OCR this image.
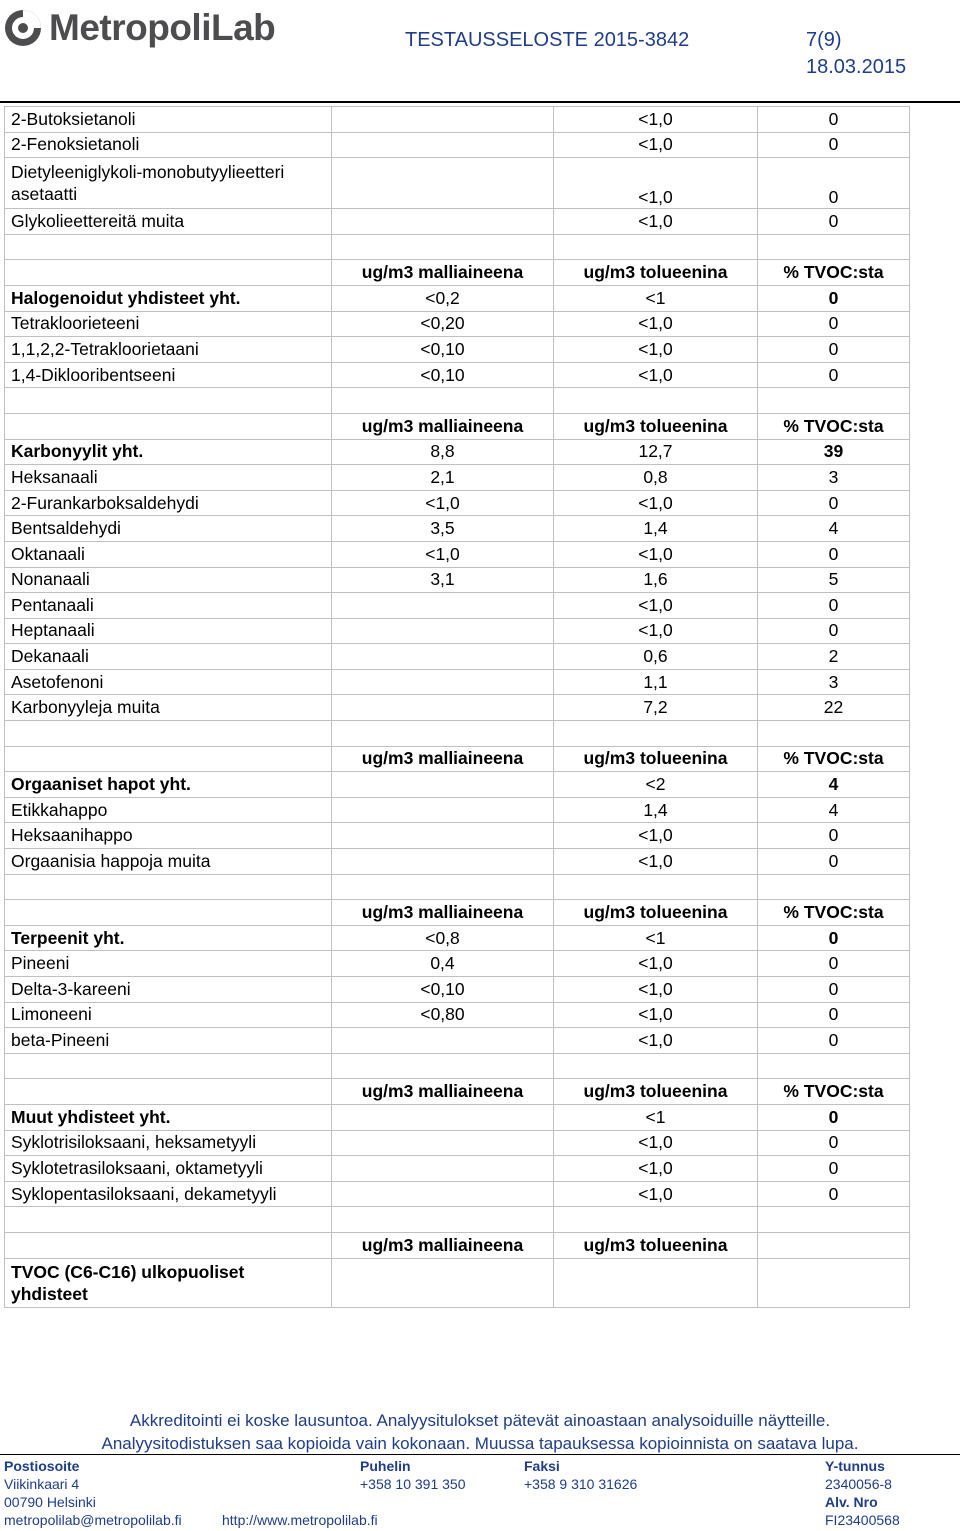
MetropoliLab	TESTAUSSELOSTE 2015-3842	7(9)
18.03.2015
2-Butoksietanoli		<1,0	0
2-Fenoksietanoli		<1,0	0
Dietyleeniglykoli-monobutyylieetteri asetaatti		<1,0	0
Glykolieettereitä muita		<1,0	0

	ug/m3 malliaineena	ug/m3 tolueenina	% TVOC:sta
Halogenoidut yhdisteet yht.	<0,2	<1	0
Tetrakloorieteeni	<0,20	<1,0	0
1,1,2,2-Tetrakloorietaani	<0,10	<1,0	0
1,4-Diklooribentseeni	<0,10	<1,0	0

	ug/m3 malliaineena	ug/m3 tolueenina	% TVOC:sta
Karbonyylit yht.	8,8	12,7	39
Heksanaali	2,1	0,8	3
2-Furankarboksaldehydi	<1,0	<1,0	0
Bentsaldehydi	3,5	1,4	4
Oktanaali	<1,0	<1,0	0
Nonanaali	3,1	1,6	5
Pentanaali		<1,0	0
Heptanaali		<1,0	0
Dekanaali		0,6	2
Asetofenoni		1,1	3
Karbonyyleja muita		7,2	22

	ug/m3 malliaineena	ug/m3 tolueenina	% TVOC:sta
Orgaaniset hapot yht.		<2	4
Etikkahappo		1,4	4
Heksaanihappo		<1,0	0
Orgaanisia happoja muita		<1,0	0

	ug/m3 malliaineena	ug/m3 tolueenina	% TVOC:sta
Terpeenit yht.	<0,8	<1	0
Pineeni	0,4	<1,0	0
Delta-3-kareeni	<0,10	<1,0	0
Limoneeni	<0,80	<1,0	0
beta-Pineeni		<1,0	0

	ug/m3 malliaineena	ug/m3 tolueenina	% TVOC:sta
Muut yhdisteet yht.		<1	0
Syklotrisiloksaani, heksametyyli		<1,0	0
Syklotetrasiloksaani, oktametyyli		<1,0	0
Syklopentasiloksaani, dekametyyli		<1,0	0

	ug/m3 malliaineena	ug/m3 tolueenina	
TVOC (C6-C16) ulkopuoliset yhdisteet			
Akkreditointi ei koske lausuntoa. Analyysitulokset pätevät ainoastaan analysoiduille näytteille.
Analyysitodistuksen saa kopioida vain kokonaan. Muussa tapauksessa kopioinnista on saatava lupa.
Postiosoite
Viikinkaari 4
00790 Helsinki
metropolilab@metropolilab.fi	http://www.metropolilab.fi
Puhelin
+358 10 391 350
Faksi
+358 9 310 31626
Y-tunnus
2340056-8
Alv. Nro
FI23400568
